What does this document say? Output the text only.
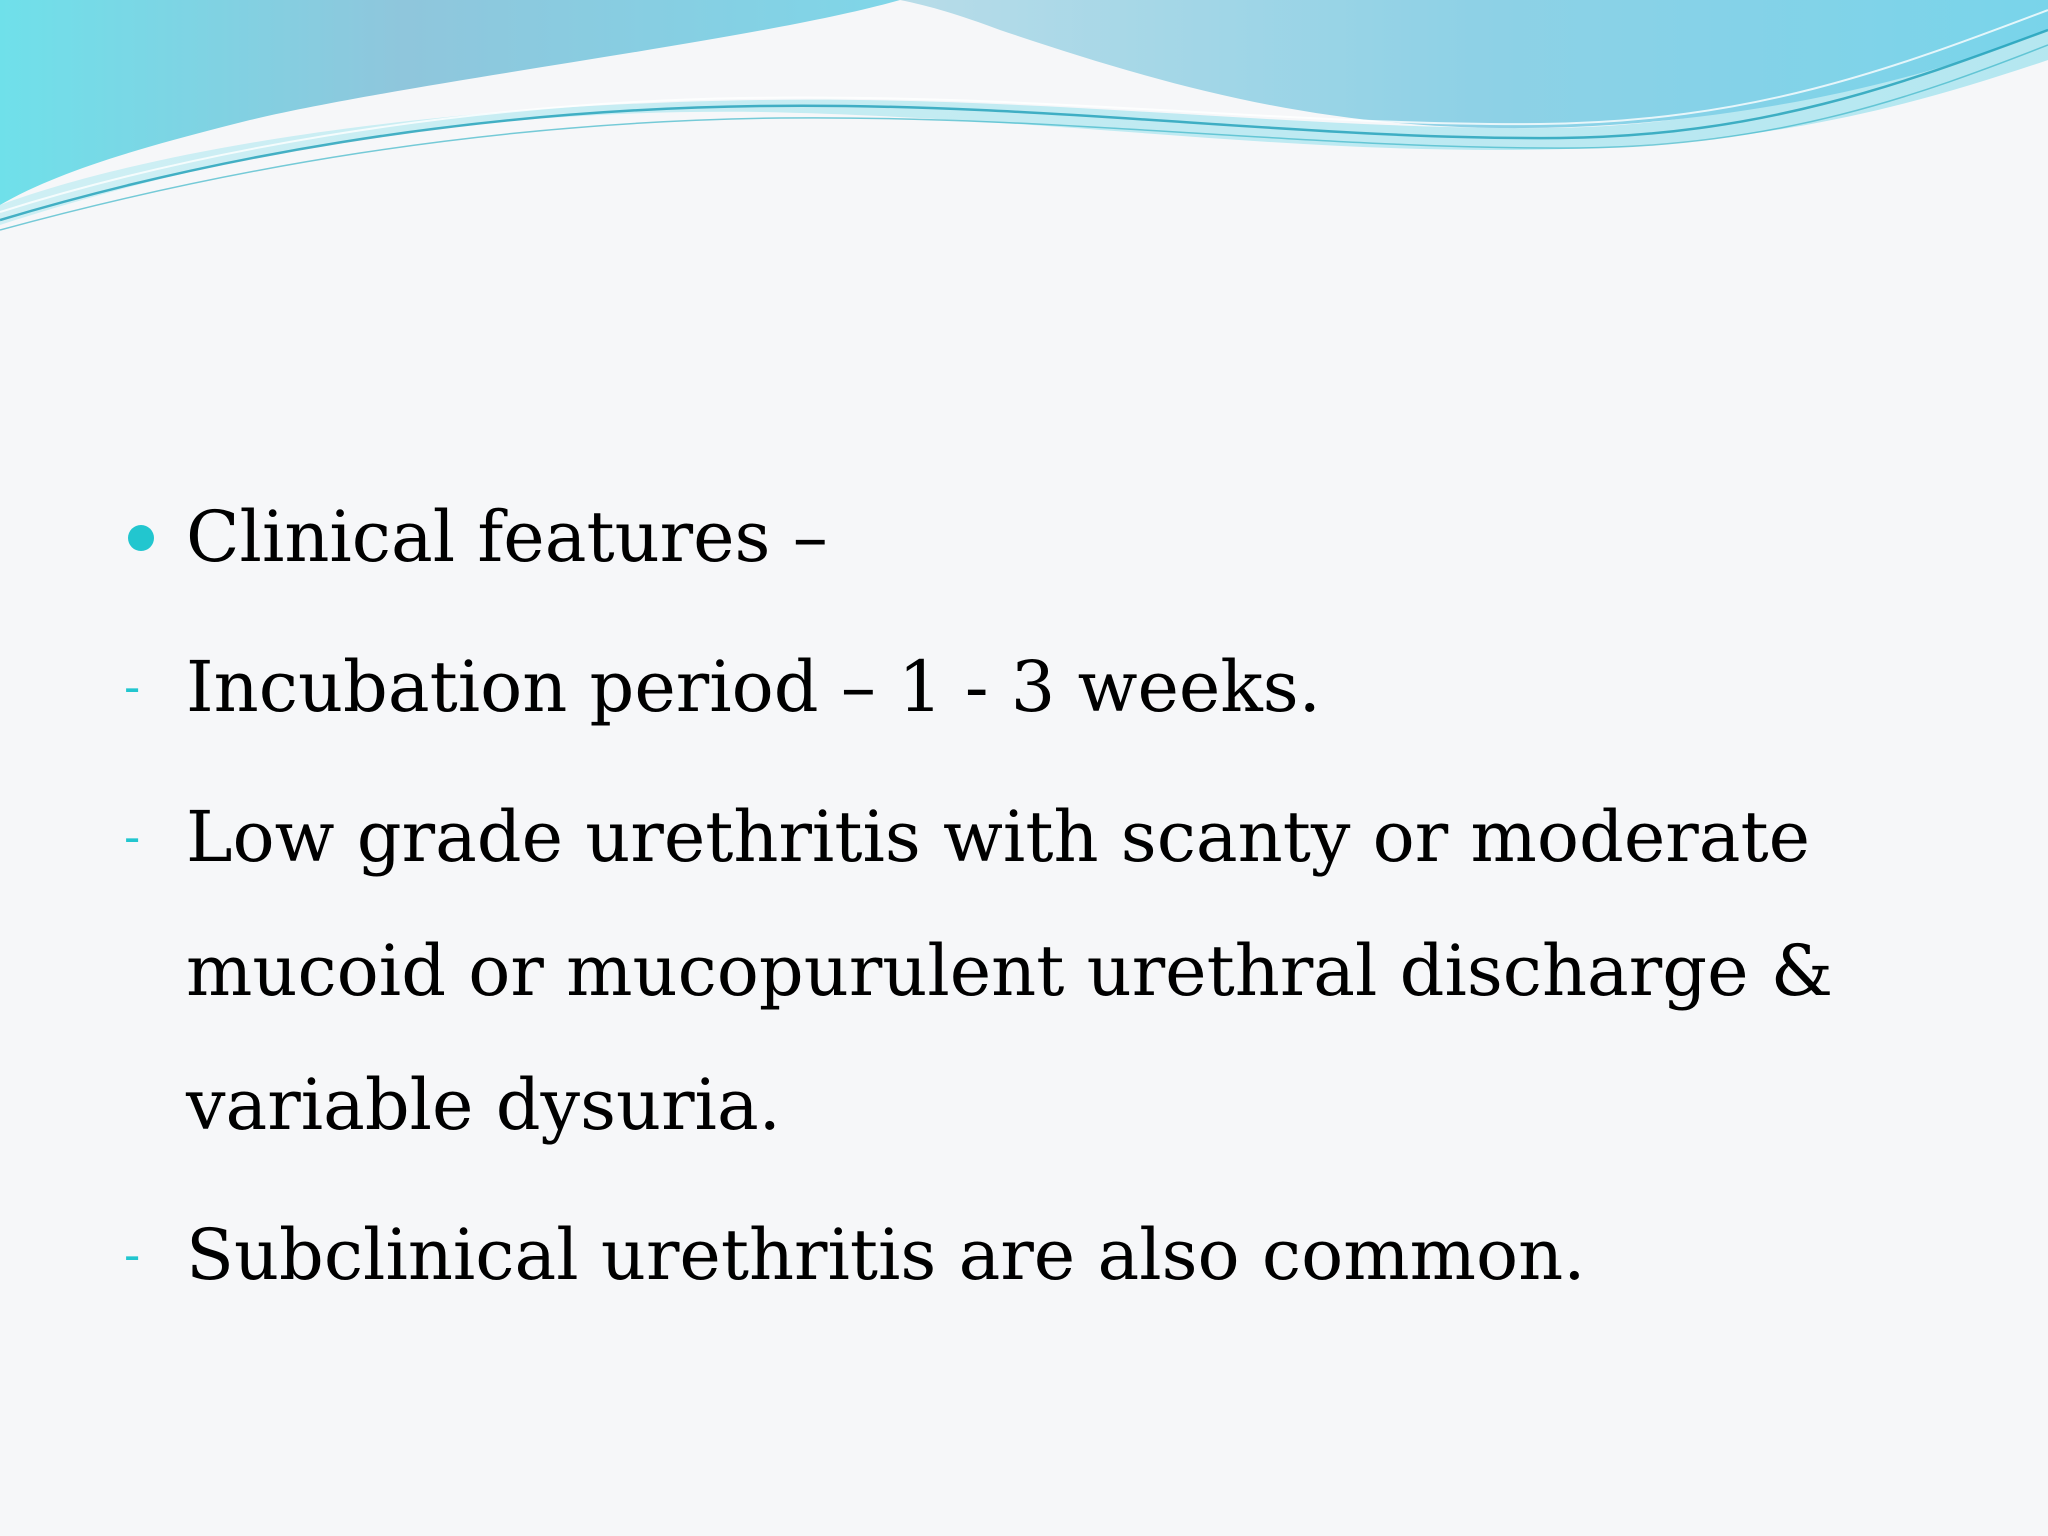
Clinical features –
- Incubation period – 1 - 3 weeks.
- Low grade urethritis with scanty or moderate mucoid or mucopurulent urethral discharge & variable dysuria.
- Subclinical urethritis are also common.
